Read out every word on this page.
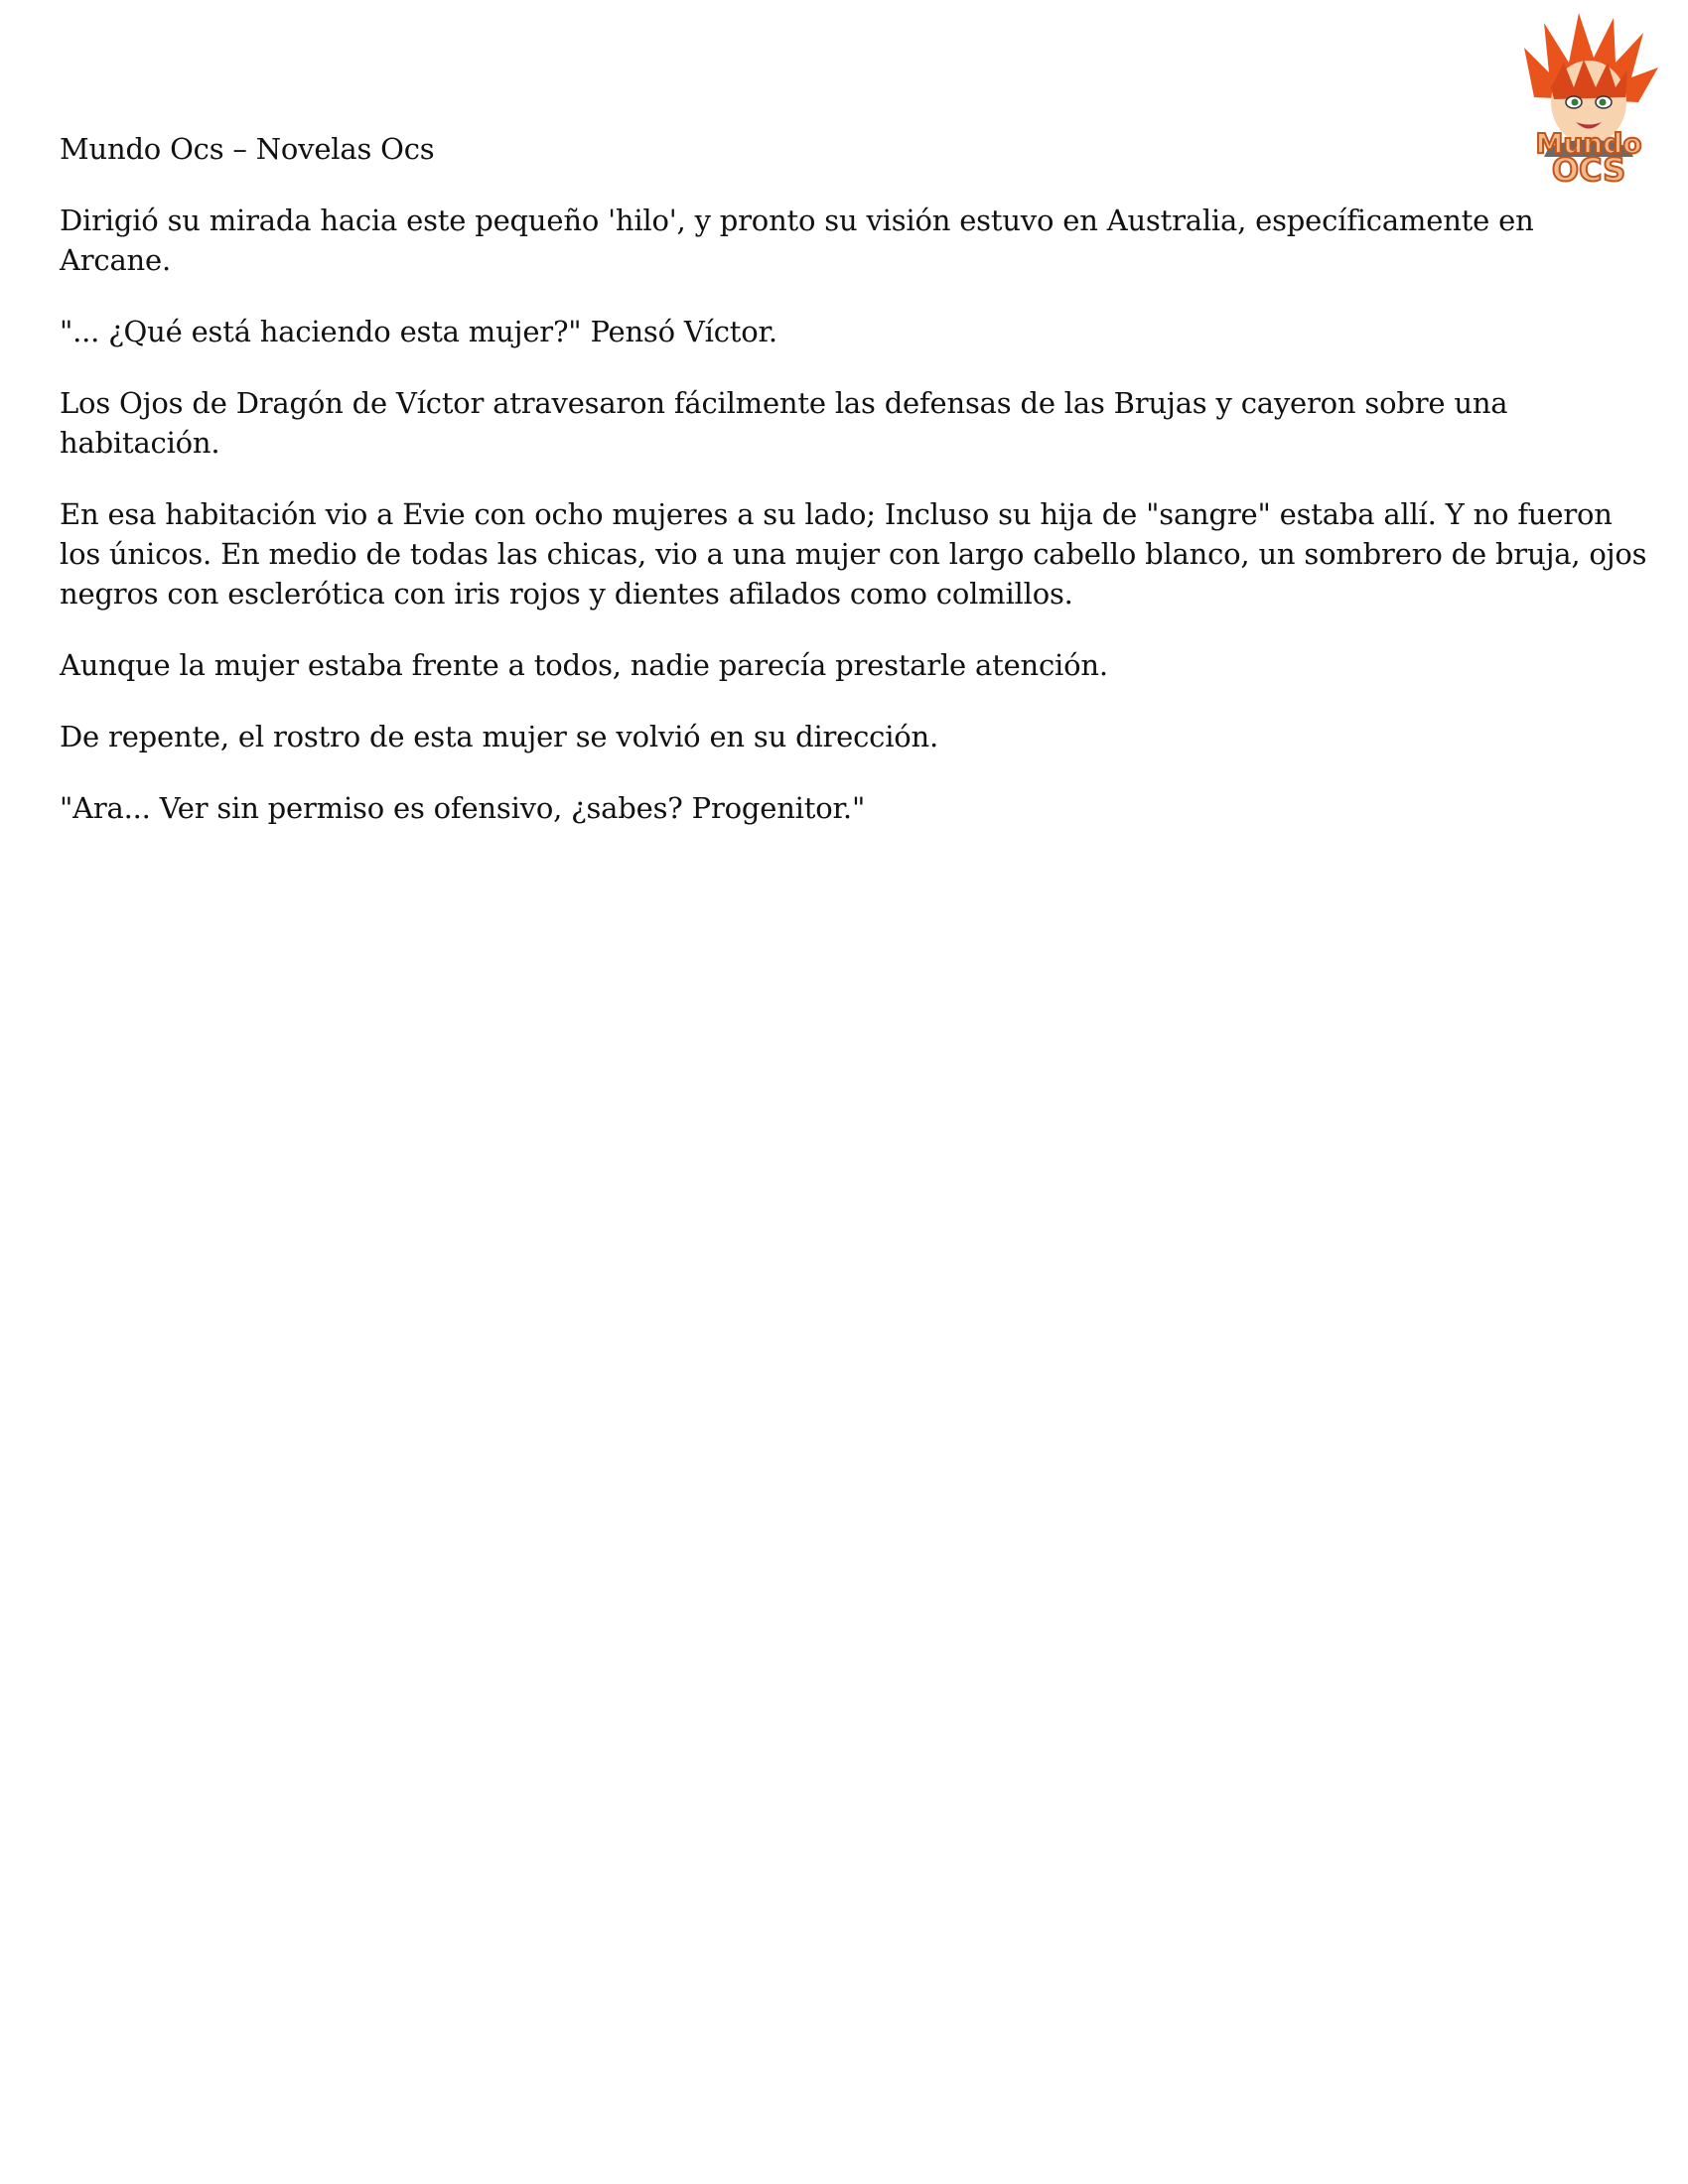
Mundo
OCS

Mundo Ocs – Novelas Ocs

Dirigió su mirada hacia este pequeño 'hilo', y pronto su visión estuvo en Australia, específicamente en Arcane.

"... ¿Qué está haciendo esta mujer?" Pensó Víctor.

Los Ojos de Dragón de Víctor atravesaron fácilmente las defensas de las Brujas y cayeron sobre una habitación.

En esa habitación vio a Evie con ocho mujeres a su lado; Incluso su hija de "sangre" estaba allí. Y no fueron los únicos. En medio de todas las chicas, vio a una mujer con largo cabello blanco, un sombrero de bruja, ojos negros con esclerótica con iris rojos y dientes afilados como colmillos.

Aunque la mujer estaba frente a todos, nadie parecía prestarle atención.

De repente, el rostro de esta mujer se volvió en su dirección.

"Ara... Ver sin permiso es ofensivo, ¿sabes? Progenitor."
